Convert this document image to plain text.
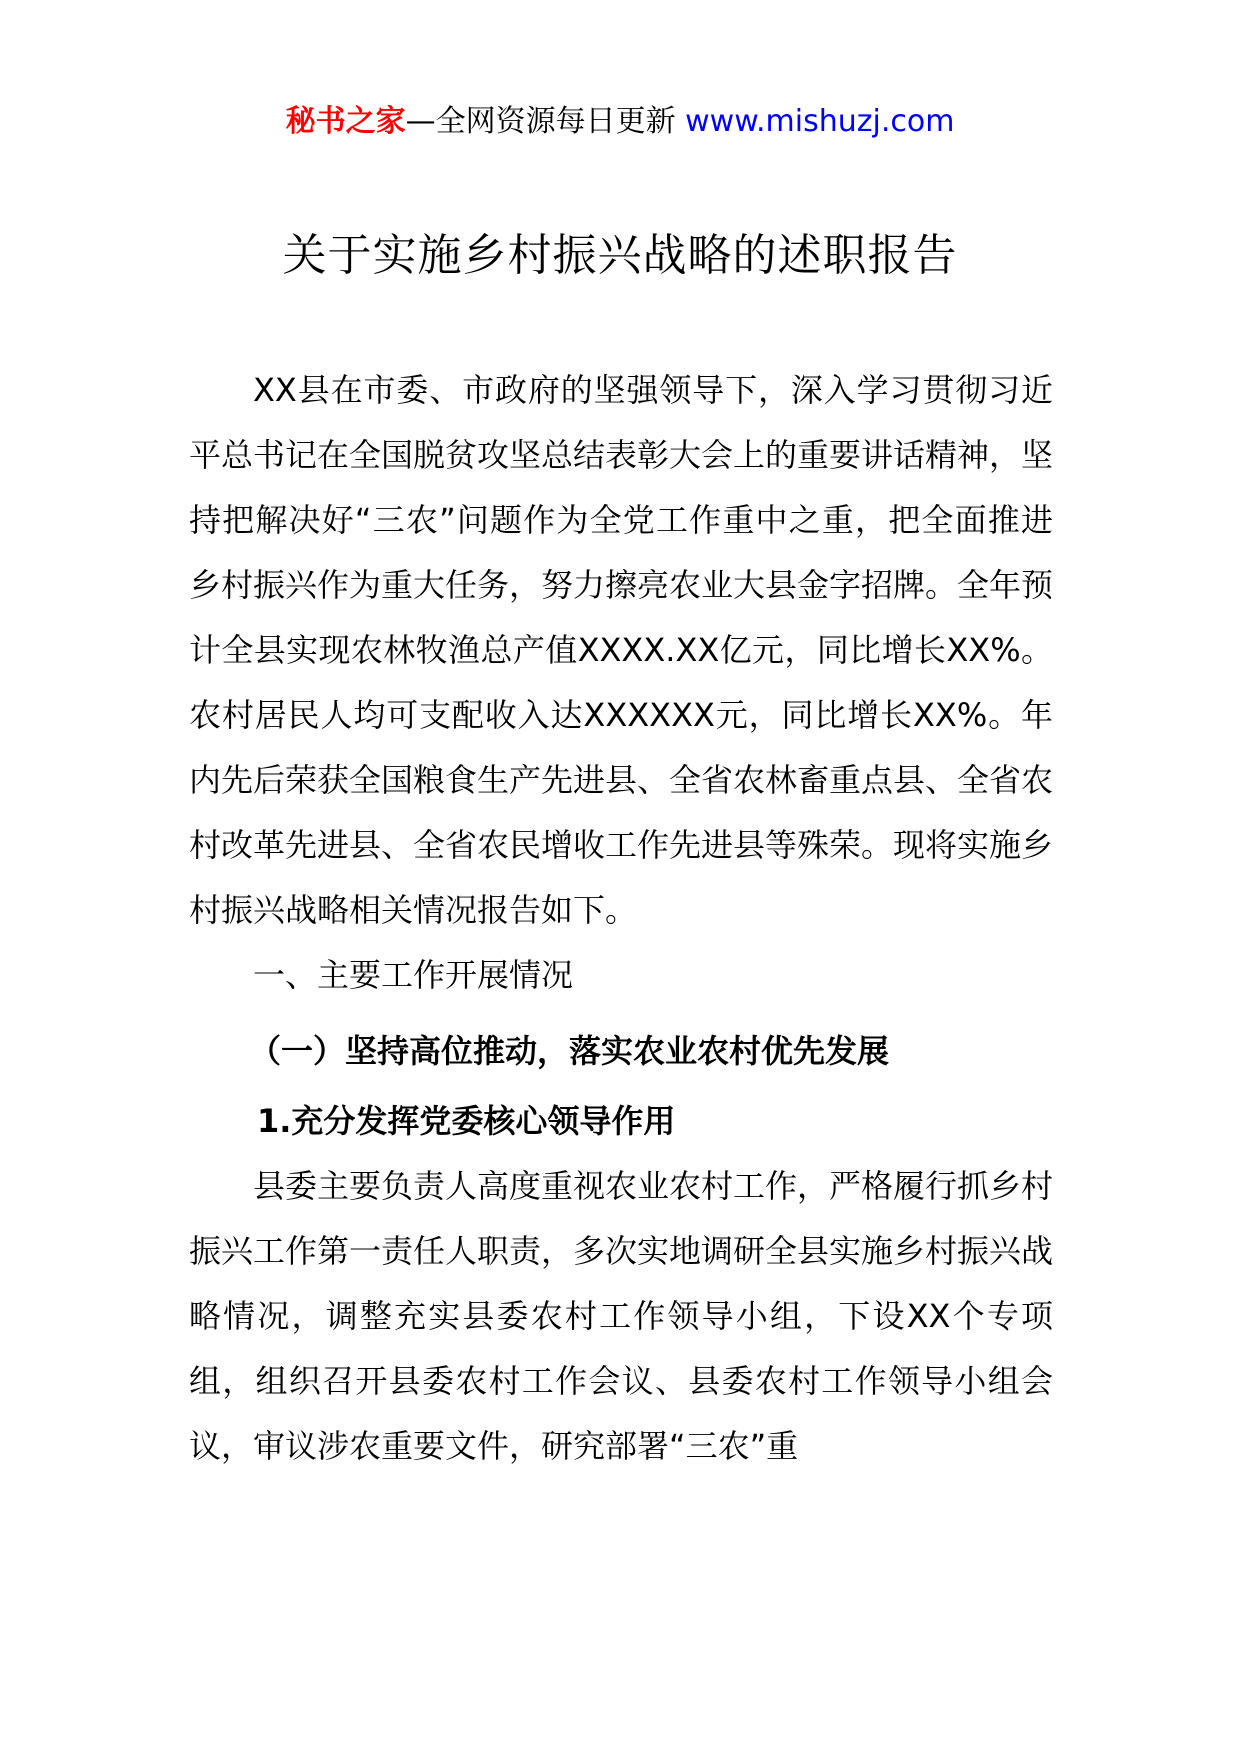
秘书之家—全网资源每日更新 www.mishuzj.com
关于实施乡村振兴战略的述职报告

XX县在市委、市政府的坚强领导下，深入学习贯彻习近平总书记在全国脱贫攻坚总结表彰大会上的重要讲话精神，坚持把解决好“三农”问题作为全党工作重中之重，把全面推进乡村振兴作为重大任务，努力擦亮农业大县金字招牌。全年预计全县实现农林牧渔总产值XXXX.XX亿元，同比增长XX%。农村居民人均可支配收入达XXXXXX元，同比增长XX%。年内先后荣获全国粮食生产先进县、全省农林畜重点县、全省农村改革先进县、全省农民增收工作先进县等殊荣。现将实施乡村振兴战略相关情况报告如下。

一、主要工作开展情况

（一）坚持高位推动，落实农业农村优先发展

1.充分发挥党委核心领导作用

县委主要负责人高度重视农业农村工作，严格履行抓乡村振兴工作第一责任人职责，多次实地调研全县实施乡村振兴战略情况，调整充实县委农村工作领导小组，下设XX个专项组，组织召开县委农村工作会议、县委农村工作领导小组会议，审议涉农重要文件，研究部署“三农”重
